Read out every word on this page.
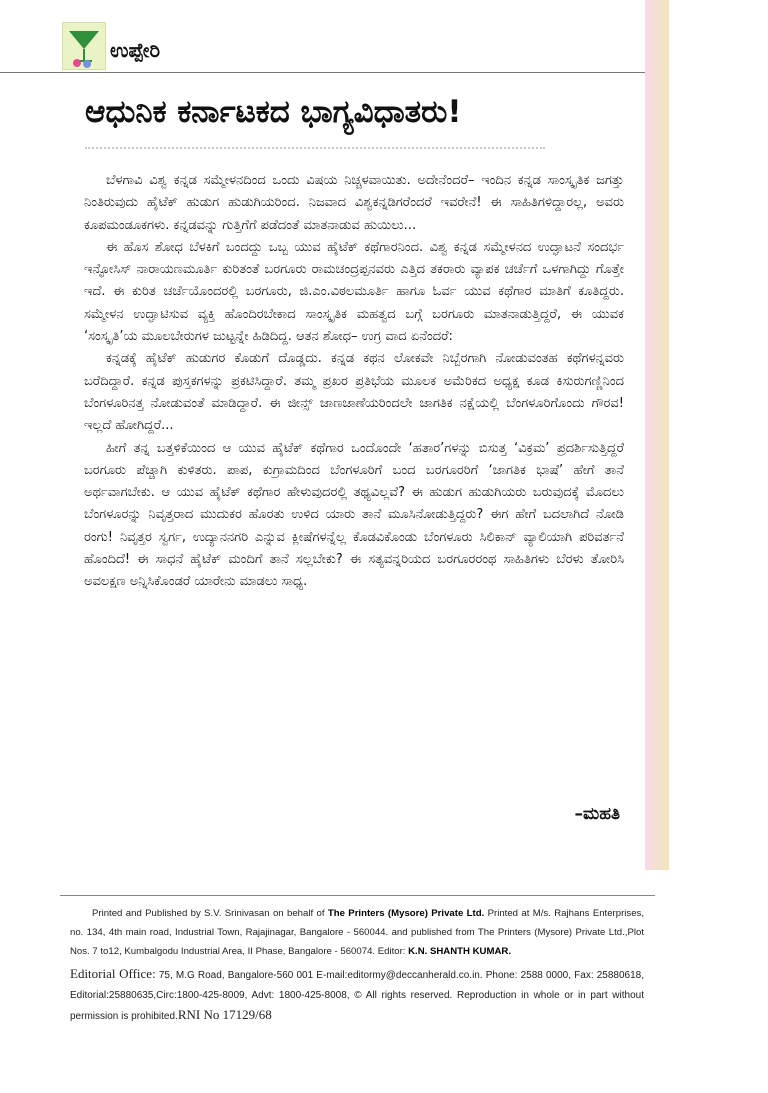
ಉಪ್ಪೇರಿ
ಆಧುನಿಕ ಕರ್ನಾಟಕದ ಭಾಗ್ಯವಿಧಾತರು!

ಬೆಳಗಾವಿ ವಿಶ್ವ ಕನ್ನಡ ಸಮ್ಮೇಳನದಿಂದ ಒಂದು ವಿಷಯ ನಿಚ್ಚಳವಾಯಿತು. ಅದೇನೆಂದರೆ– ಇಂದಿನ ಕನ್ನಡ ಸಾಂಸ್ಕೃತಿಕ ಜಗತ್ತು ನಿಂತಿರುವುದು ಹೈಟೆಕ್ ಹುಡುಗ ಹುಡುಗಿಯರಿಂದ. ನಿಜವಾದ ವಿಶ್ವಕನ್ನಡಿಗರೆಂದರೆ ಇವರೇನೆ! ಈ ಸಾಹಿತಿಗಳಿದ್ದಾರಲ್ಲ, ಅವರು ಕೂಪಮಂಡೂಕಗಳು. ಕನ್ನಡವನ್ನು ಗುತ್ತಿಗೆಗೆ ಪಡೆದಂತೆ ಮಾತನಾಡುವ ಹುಯಿಲು...

ಈ ಹೊಸ ಶೋಧ ಬೆಳಕಿಗೆ ಬಂದದ್ದು ಒಬ್ಬ ಯುವ ಹೈಟೆಕ್ ಕಥೆಗಾರನಿಂದ. ವಿಶ್ವ ಕನ್ನಡ ಸಮ್ಮೇಳನದ ಉದ್ಘಾಟನೆ ಸಂದರ್ಭ ಇನ್ಫೋಸಿಸ್ ನಾರಾಯಣಮೂರ್ತಿ ಕುರಿತಂತೆ ಬರಗೂರು ರಾಮಚಂದ್ರಪ್ಪನವರು ಎತ್ತಿದ ತಕರಾರು ವ್ಯಾಪಕ ಚರ್ಚೆಗೆ ಒಳಗಾಗಿದ್ದು ಗೊತ್ತೇ ಇದೆ. ಈ ಕುರಿತ ಚರ್ಚೆಯೊಂದರಲ್ಲಿ ಬರಗೂರು, ಜಿ.ಎಂ.ವಿಠಲಮೂರ್ತಿ ಹಾಗೂ ಓರ್ವ ಯುವ ಕಥೆಗಾರ ಮಾತಿಗೆ ಕೂತಿದ್ದರು. ಸಮ್ಮೇಳನ ಉದ್ಘಾಟಿಸುವ ವ್ಯಕ್ತಿ ಹೊಂದಿರಬೇಕಾದ ಸಾಂಸ್ಕೃತಿಕ ಮಹತ್ವದ ಬಗ್ಗೆ ಬರಗೂರು ಮಾತನಾಡುತ್ತಿದ್ದರೆ, ಈ ಯುವಕ ‘ಸಂಸ್ಕೃತಿ’ಯ ಮೂಲಬೇರುಗಳ ಜುಟ್ಟನ್ನೇ ಹಿಡಿದಿದ್ದ. ಆತನ ಶೋಧ– ಉಗ್ರ ವಾದ ಏನೆಂದರೆ:

ಕನ್ನಡಕ್ಕೆ ಹೈಟೆಕ್ ಹುಡುಗರ ಕೊಡುಗೆ ದೊಡ್ಡದು. ಕನ್ನಡ ಕಥನ ಲೋಕವೇ ನಿಬ್ಬೆರಗಾಗಿ ನೋಡುವಂತಹ ಕಥೆಗಳನ್ನವರು ಬರೆದಿದ್ದಾರೆ. ಕನ್ನಡ ಪುಸ್ತಕಗಳನ್ನು ಪ್ರಕಟಿಸಿದ್ದಾರೆ. ತಮ್ಮ ಪ್ರಖರ ಪ್ರತಿಭೆಯ ಮೂಲಕ ಅಮೆರಿಕದ ಅಧ್ಯಕ್ಷ ಕೂಡ ಕಿಸುರುಗಣ್ಣಿನಿಂದ ಬೆಂಗಳೂರಿನತ್ತ ನೋಡುವಂತೆ ಮಾಡಿದ್ದಾರೆ. ಈ ಜೀನ್ಸ್ ಜಾಣಜಾಣೆಯರಿಂದಲೇ ಜಾಗತಿಕ ನಕ್ಷೆಯಲ್ಲಿ ಬೆಂಗಳೂರಿಗೊಂದು ಗೌರವ! ಇಲ್ಲದೆ ಹೋಗಿದ್ದರೆ...

ಹೀಗೆ ತನ್ನ ಬತ್ತಳಿಕೆಯಿಂದ ಆ ಯುವ ಹೈಟೆಕ್ ಕಥೆಗಾರ ಒಂದೊಂದೇ ‘ಹತಾರ’ಗಳನ್ನು ಬಿಸುತ್ತ ‘ವಿಕ್ರಮ’ ಪ್ರದರ್ಶಿಸುತ್ತಿದ್ದರೆ ಬರಗೂರು ಪೆಚ್ಚಾಗಿ ಕುಳಿತರು. ಪಾಪ, ಕುಗ್ರಾಮದಿಂದ ಬೆಂಗಳೂರಿಗೆ ಬಂದ ಬರಗೂರರಿಗೆ ‘ಜಾಗತಿಕ ಭಾಷೆ’ ಹೇಗೆ ತಾನೆ ಅರ್ಥವಾಗಬೇಕು. ಆ ಯುವ ಹೈಟೆಕ್ ಕಥೆಗಾರ ಹೇಳುವುದರಲ್ಲಿ ತಥ್ಯವಿಲ್ಲವೆ? ಈ ಹುಡುಗ ಹುಡುಗಿಯರು ಬರುವುದಕ್ಕೆ ಮೊದಲು ಬೆಂಗಳೂರನ್ನು ನಿವೃತ್ತರಾದ ಮುದುಕರ ಹೊರತು ಉಳಿದ ಯಾರು ತಾನೆ ಮೂಸಿನೋಡುತ್ತಿದ್ದರು? ಈಗ ಹೇಗೆ ಬದಲಾಗಿದೆ ನೋಡಿ ರಂಗು! ನಿವೃತ್ತರ ಸ್ವರ್ಗ, ಉದ್ಯಾನನಗರಿ ಎನ್ನುವ ಕ್ಲೀಷೆಗಳನ್ನೆಲ್ಲ ಕೊಡವಿಕೊಂಡು ಬೆಂಗಳೂರು ಸಿಲಿಕಾನ್ ವ್ಯಾಲಿಯಾಗಿ ಪರಿವರ್ತನೆ ಹೊಂದಿದೆ! ಈ ಸಾಧನೆ ಹೈಟೆಕ್ ಮಂದಿಗೆ ತಾನೆ ಸಲ್ಲಬೇಕು? ಈ ಸತ್ಯವನ್ನರಿಯದ ಬರಗೂರರಂಥ ಸಾಹಿತಿಗಳು ಬೆರಳು ತೋರಿಸಿ ಅವಲಕ್ಷಣ ಅನ್ನಿಸಿಕೊಂಡರೆ ಯಾರೇನು ಮಾಡಲು ಸಾಧ್ಯ.

–ಮಹತಿ

Printed and Published by S.V. Srinivasan on behalf of The Printers (Mysore) Private Ltd. Printed at M/s. Rajhans Enterprises, no. 134, 4th main road, Industrial Town, Rajajinagar, Bangalore - 560044. and published from The Printers (Mysore) Private Ltd.,Plot Nos. 7 to12, Kumbalgodu Industrial Area, II Phase, Bangalore - 560074. Editor: K.N. SHANTH KUMAR.

Editorial Office: 75, M.G Road, Bangalore-560 001 E-mail:editormy@deccanherald.co.in. Phone: 2588 0000, Fax: 25880618, Editorial:25880635,Circ:1800-425-8009, Advt: 1800-425-8008, © All rights reserved. Reproduction in whole or in part without permission is prohibited.RNI No 17129/68
